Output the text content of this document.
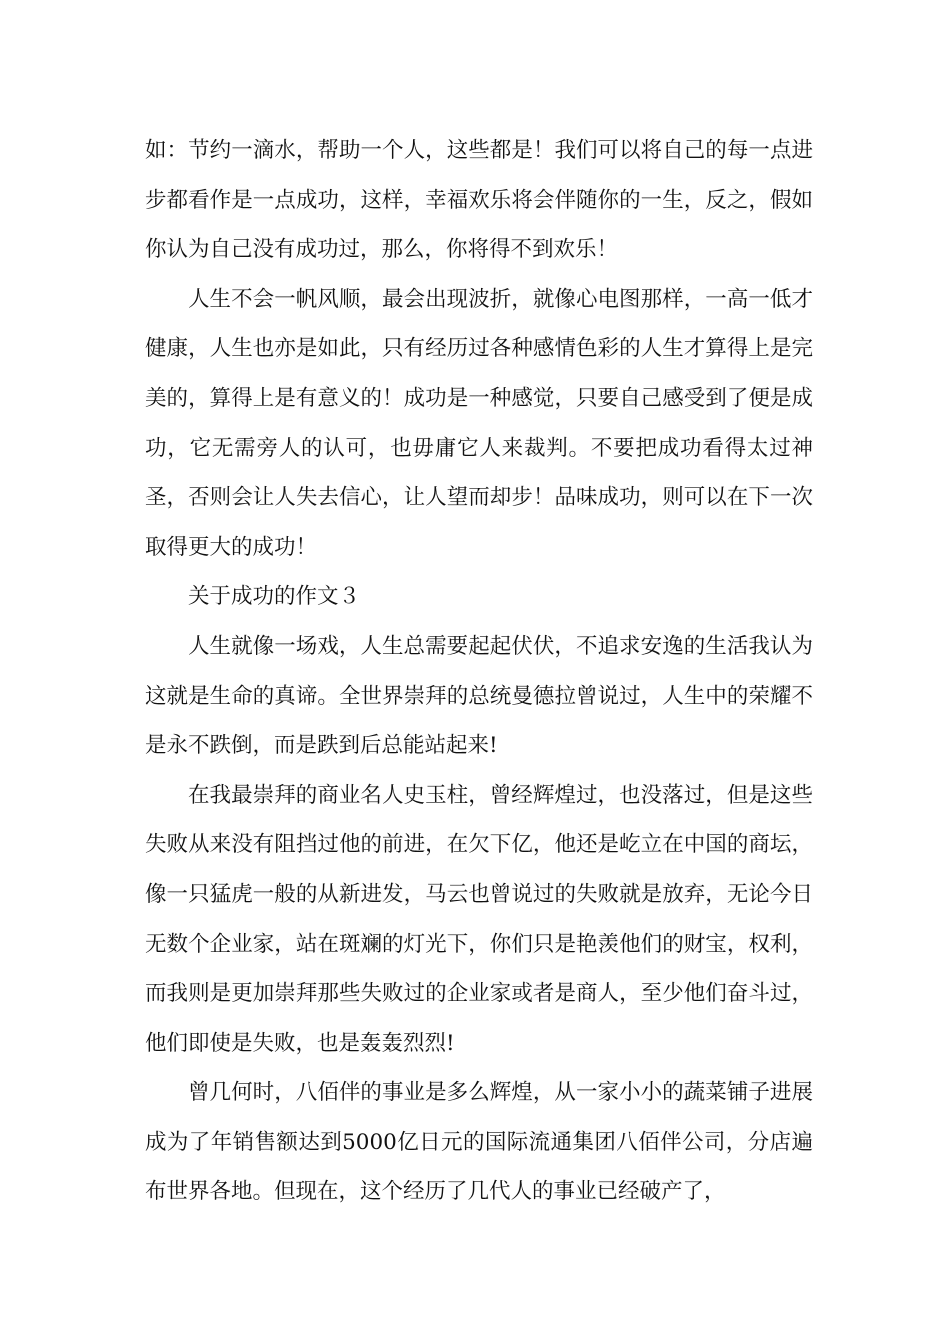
如：节约一滴水，帮助一个人，这些都是！我们可以将自己的每一点进步都看作是一点成功，这样，幸福欢乐将会伴随你的一生，反之，假如你认为自己没有成功过，那么，你将得不到欢乐！

人生不会一帆风顺，最会出现波折，就像心电图那样，一高一低才健康，人生也亦是如此，只有经历过各种感情色彩的人生才算得上是完美的，算得上是有意义的！成功是一种感觉，只要自己感受到了便是成功，它无需旁人的认可，也毋庸它人来裁判。不要把成功看得太过神圣，否则会让人失去信心，让人望而却步！品味成功，则可以在下一次取得更大的成功！

关于成功的作文３

人生就像一场戏，人生总需要起起伏伏，不追求安逸的生活我认为这就是生命的真谛。全世界崇拜的总统曼德拉曾说过，人生中的荣耀不是永不跌倒，而是跌到后总能站起来!

在我最崇拜的商业名人史玉柱，曾经辉煌过，也没落过，但是这些失败从来没有阻挡过他的前进，在欠下亿，他还是屹立在中国的商坛，像一只猛虎一般的从新进发，马云也曾说过的失败就是放弃，无论今日无数个企业家，站在斑斓的灯光下，你们只是艳羡他们的财宝，权利，而我则是更加崇拜那些失败过的企业家或者是商人，至少他们奋斗过，他们即使是失败，也是轰轰烈烈!

曾几何时，八佰伴的事业是多么辉煌，从一家小小的蔬菜铺子进展成为了年销售额达到5000亿日元的国际流通集团八佰伴公司，分店遍布世界各地。但现在，这个经历了几代人的事业已经破产了，
